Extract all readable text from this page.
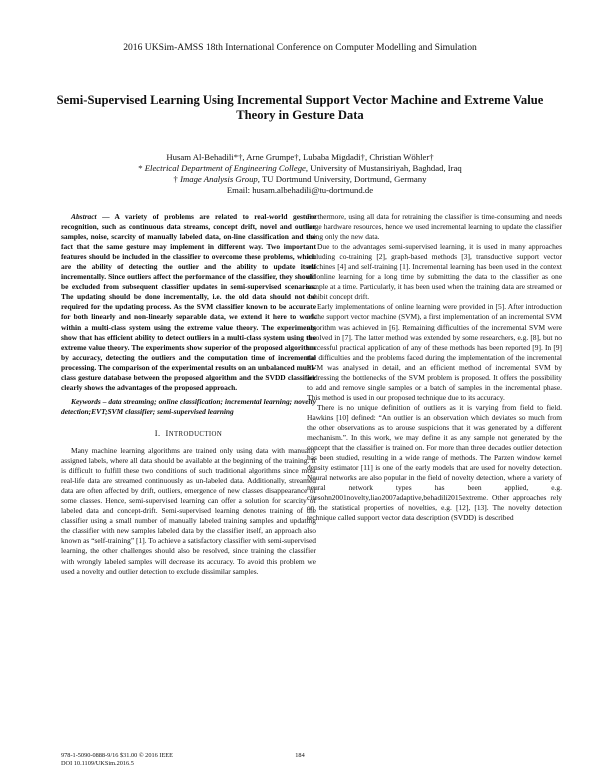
2016 UKSim-AMSS 18th International Conference on Computer Modelling and Simulation
Semi-Supervised Learning Using Incremental Support Vector Machine and Extreme Value Theory in Gesture Data
Husam Al-Behadili*†, Arne Grumpe†, Lubaba Migdadi†, Christian Wöhler†
* Electrical Department of Engineering College, University of Mustansiriyah, Baghdad, Iraq
† Image Analysis Group, TU Dortmund University, Dortmund, Germany
Email: husam.albehadili@tu-dortmund.de

Abstract — A variety of problems are related to real-world gesture recognition, such as continuous data streams, concept drift, novel and outlier samples, noise, scarcity of manually labeled data, on-line classification and the fact that the same gesture may implement in different way. Two important features should be included in the classifier to overcome these problems, which are the ability of detecting the outlier and the ability to update itself incrementally. Since outliers affect the performance of the classifier, they should be excluded from subsequent classifier updates in semi-supervised scenarios. The updating should be done incrementally, i.e. the old data should not be required for the updating process. As the SVM classifier known to be accurate for both linearly and non-linearly separable data, we extend it here to work within a multi-class system using the extreme value theory. The experiments show that has efficient ability to detect outliers in a multi-class system using the extreme value theory. The experiments show superior of the proposed algorithm by accuracy, detecting the outliers and the computation time of incremental processing. The comparison of the experimental results on an unbalanced multi-class gesture database between the proposed algorithm and the SVDD classifier clearly shows the advantages of the proposed approach.

Keywords – data streaming; online classification; incremental learning; novelty detection;EVT;SVM classifier; semi-supervised learning

I. INTRODUCTION

Many machine learning algorithms are trained only using data with manually assigned labels, where all data should be available at the beginning of the training. It is difficult to fulfill these two conditions of such traditional algorithms since most real-life data are streamed continuously as un-labeled data. Additionally, streamed data are often affected by drift, outliers, emergence of new classes disappearance of some classes. Hence, semi-supervised learning can offer a solution for scarcity of labeled data and concept-drift. Semi-supervised learning denotes training of the classifier using a small number of manually labeled training samples and updating the classifier with new samples labeled data by the classifier itself, an approach also known as “self-training” [1]. To achieve a satisfactory classifier with semi-supervised learning, the other challenges should also be resolved, since training the classifier with wrongly labeled samples will decrease its accuracy. To avoid this problem we used a novelty and outlier detection to exclude dissimilar samples.

Furthermore, using all data for retraining the classifier is time-consuming and needs large hardware resources, hence we used incremental learning to update the classifier using only the new data.

Due to the advantages semi-supervised learning, it is used in many approaches including co-training [2], graph-based methods [3], transductive support vector machines [4] and self-training [1]. Incremental learning has been used in the context of online learning for a long time by submitting the data to the classifier as one sample at a time. Particularly, it has been used when the training data are streamed or exhibit concept drift.

Early implementations of online learning were provided in [5]. After introduction of the support vector machine (SVM), a first implementation of an incremental SVM algorithm was achieved in [6]. Remaining difficulties of the incremental SVM were resolved in [7]. The latter method was extended by some researchers, e.g. [8], but no successful practical application of any of these methods has been reported [9]. In [9] the difficulties and the problems faced during the implementation of the incremental SVM was analysed in detail, and an efficient method of incremental SVM by addressing the bottlenecks of the SVM problem is proposed. It offers the possibility to add and remove single samples or a batch of samples in the incremental phase. This method is used in our proposed technique due to its accuracy.

There is no unique definition of outliers as it is varying from field to field. Hawkins [10] defined: “An outlier is an observation which deviates so much from the other observations as to arouse suspicions that it was generated by a different mechanism.”. In this work, we may define it as any sample not generated by the concept that the classifier is trained on. For more than three decades outlier detection has been studied, resulting in a wide range of methods. The Parzen window kernel density estimator [11] is one of the early models that are used for novelty detection. Neural networks are also popular in the field of novelty detection, where a variety of neural network types has been applied, e.g. citesohn2001novelty,liao2007adaptive,behadili2015extreme. Other approaches rely on the statistical properties of novelties, e.g. [12], [13]. The novelty detection technique called support vector data description (SVDD) is described

978-1-5090-0888-9/16 $31.00 © 2016 IEEE
DOI 10.1109/UKSim.2016.5
184
